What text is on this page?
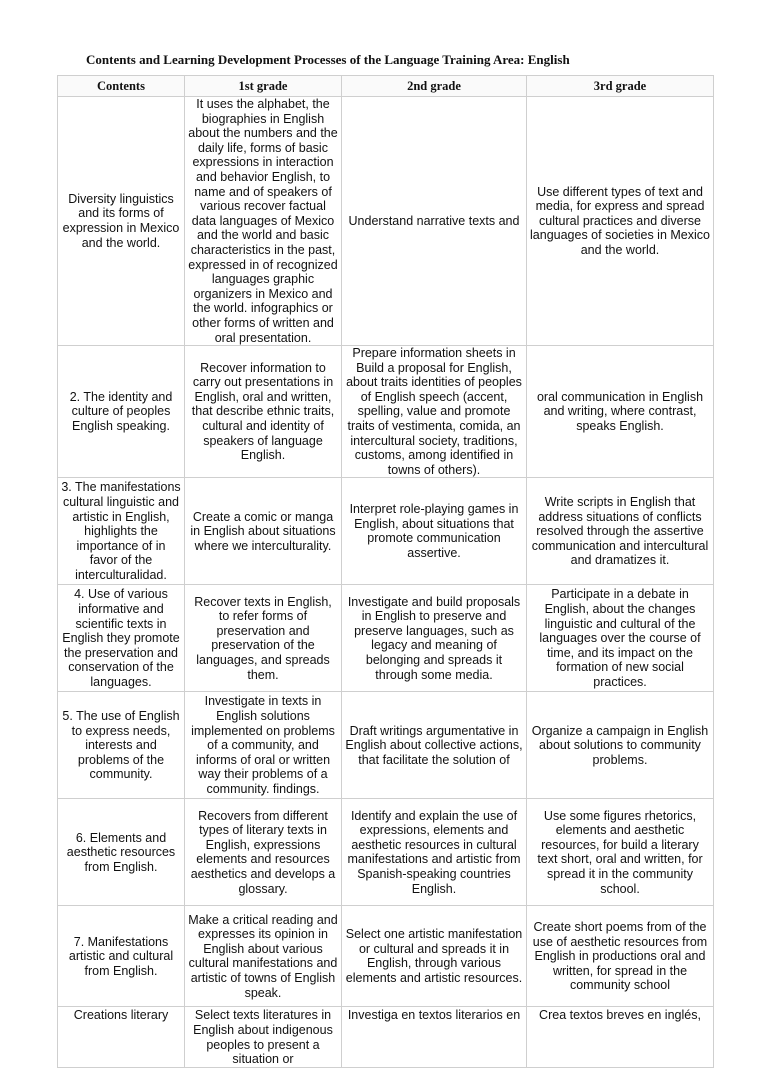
Contents and Learning Development Processes of the Language Training Area: English
Contents	1st grade	2nd grade	3rd grade
Diversity linguistics and its forms of expression in Mexico and the world.	It uses the alphabet, the biographies in English about the numbers and the daily life, forms of basic expressions in interaction and behavior English, to name and of speakers of various recover factual data languages of Mexico and the world and basic characteristics in the past, expressed in of recognized languages graphic organizers in Mexico and the world. infographics or other forms of written and oral presentation.	Understand narrative texts and	Use different types of text and media, for express and spread cultural practices and diverse languages of societies in Mexico and the world.
2. The identity and culture of peoples English speaking.	Recover information to carry out presentations in English, oral and written, that describe ethnic traits, cultural and identity of speakers of language English.	Prepare information sheets in Build a proposal for English, about traits identities of peoples of English speech (accent, spelling, value and promote traits of vestimenta, comida, an intercultural society, traditions, customs, among identified in towns of others).	oral communication in English and writing, where contrast, speaks English.
3. The manifestations cultural linguistic and artistic in English, highlights the importance of in favor of the interculturalidad.	Create a comic or manga in English about situations where we interculturality.	Interpret role-playing games in English, about situations that promote communication assertive.	Write scripts in English that address situations of conflicts resolved through the assertive communication and intercultural and dramatizes it.
4. Use of various informative and scientific texts in English they promote the preservation and conservation of the languages.	Recover texts in English, to refer forms of preservation and preservation of the languages, and spreads them.	Investigate and build proposals in English to preserve and preserve languages, such as legacy and meaning of belonging and spreads it through some media.	Participate in a debate in English, about the changes linguistic and cultural of the languages over the course of time, and its impact on the formation of new social practices.
5. The use of English to express needs, interests and problems of the community.	Investigate in texts in English solutions implemented on problems of a community, and informs of oral or written way their problems of a community. findings.	Draft writings argumentative in English about collective actions, that facilitate the solution of	Organize a campaign in English about solutions to community problems.
6. Elements and aesthetic resources from English.	Recovers from different types of literary texts in English, expressions elements and resources aesthetics and develops a glossary.	Identify and explain the use of expressions, elements and aesthetic resources in cultural manifestations and artistic from Spanish-speaking countries English.	Use some figures rhetorics, elements and aesthetic resources, for build a literary text short, oral and written, for spread it in the community school.
7. Manifestations artistic and cultural from English.	Make a critical reading and expresses its opinion in English about various cultural manifestations and artistic of towns of English speak.	Select one artistic manifestation or cultural and spreads it in English, through various elements and artistic resources.	Create short poems from of the use of aesthetic resources from English in productions oral and written, for spread in the community school
Creations literary	Select texts literatures in English about indigenous peoples to present a situation or	Investiga en textos literarios en	Crea textos breves en inglés,
